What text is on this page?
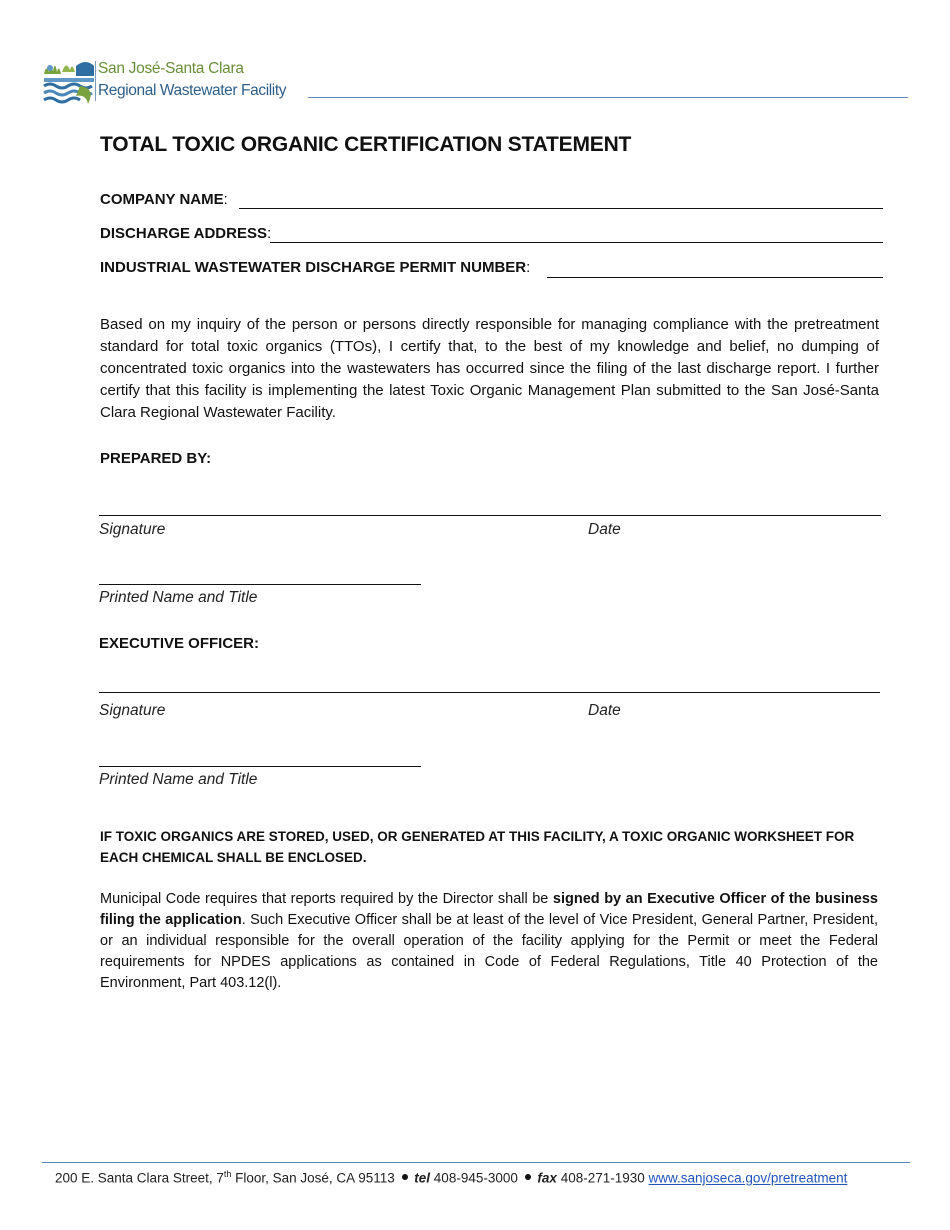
San José-Santa Clara
Regional Wastewater Facility
TOTAL TOXIC ORGANIC CERTIFICATION STATEMENT
COMPANY NAME:
DISCHARGE ADDRESS:
INDUSTRIAL WASTEWATER DISCHARGE PERMIT NUMBER:
Based on my inquiry of the person or persons directly responsible for managing compliance with the pretreatment standard for total toxic organics (TTOs), I certify that, to the best of my knowledge and belief, no dumping of concentrated toxic organics into the wastewaters has occurred since the filing of the last discharge report. I further certify that this facility is implementing the latest Toxic Organic Management Plan submitted to the San José-Santa Clara Regional Wastewater Facility.
PREPARED BY:
Signature	Date
Printed Name and Title
EXECUTIVE OFFICER:
Signature	Date
Printed Name and Title
IF TOXIC ORGANICS ARE STORED, USED, OR GENERATED AT THIS FACILITY, A TOXIC ORGANIC WORKSHEET FOR EACH CHEMICAL SHALL BE ENCLOSED.
Municipal Code requires that reports required by the Director shall be signed by an Executive Officer of the business filing the application. Such Executive Officer shall be at least of the level of Vice President, General Partner, President, or an individual responsible for the overall operation of the facility applying for the Permit or meet the Federal requirements for NPDES applications as contained in Code of Federal Regulations, Title 40 Protection of the Environment, Part 403.12(l).
200 E. Santa Clara Street, 7th Floor, San José, CA 95113 tel 408-945-3000 fax 408-271-1930 www.sanjoseca.gov/pretreatment
